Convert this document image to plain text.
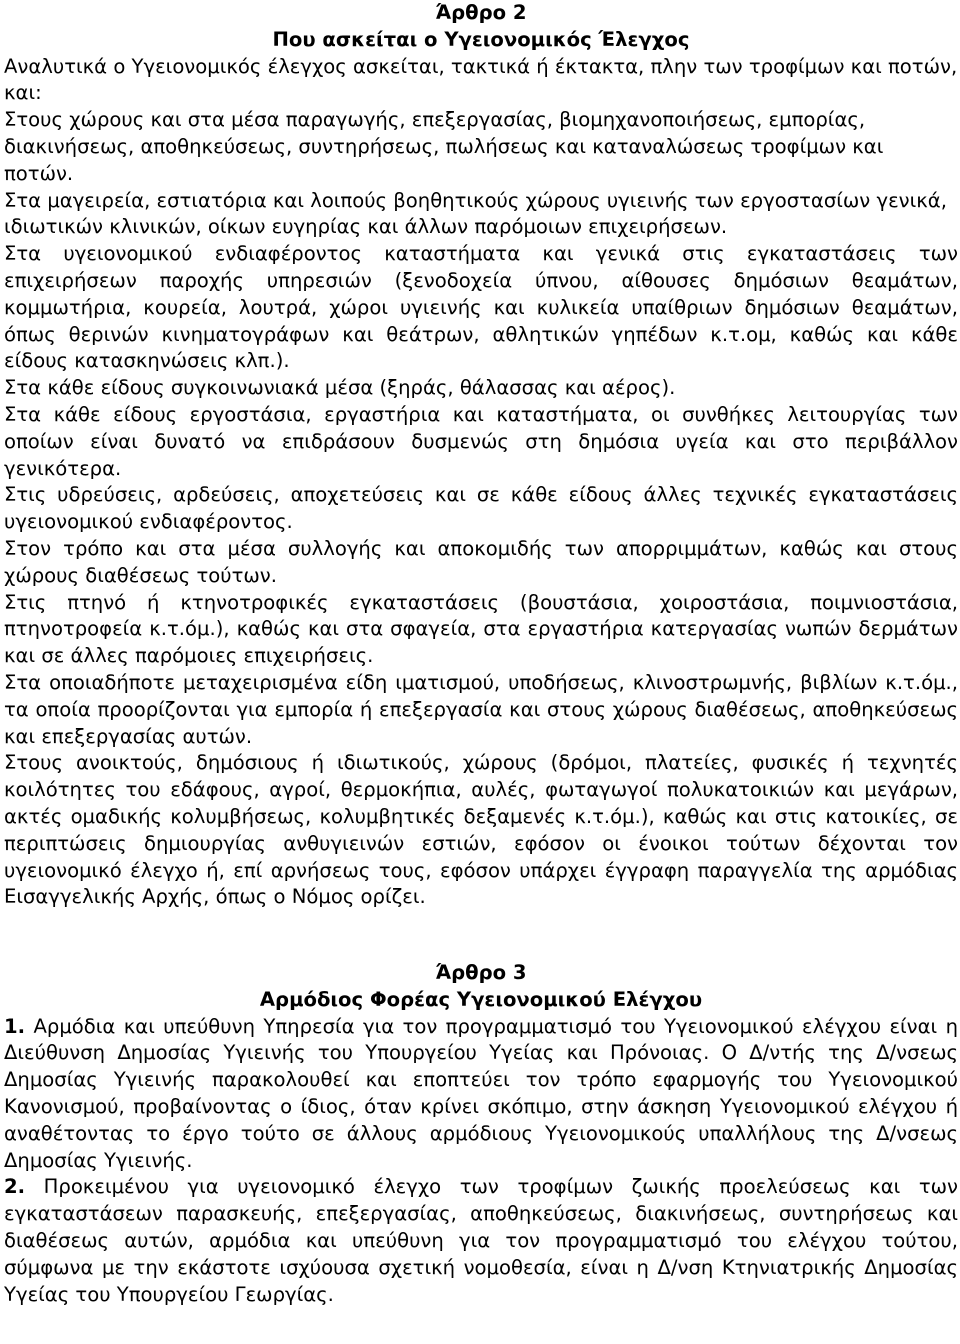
Άρθρο 2

Που ασκείται ο Υγειονομικός Έλεγχος

Αναλυτικά ο Υγειονομικός έλεγχος ασκείται, τακτικά ή έκτακτα, πλην των τροφίμων και ποτών, και:

Στους χώρους και στα μέσα παραγωγής, επεξεργασίας, βιομηχανοποιήσεως, εμπορίας, διακινήσεως, αποθηκεύσεως, συντηρήσεως, πωλήσεως και καταναλώσεως τροφίμων και ποτών.

Στα μαγειρεία, εστιατόρια και λοιπούς βοηθητικούς χώρους υγιεινής των εργοστασίων γενικά, ιδιωτικών κλινικών, οίκων ευγηρίας και άλλων παρόμοιων επιχειρήσεων.

Στα υγειονομικού ενδιαφέροντος καταστήματα και γενικά στις εγκαταστάσεις των επιχειρήσεων παροχής υπηρεσιών (ξενοδοχεία ύπνου, αίθουσες δημόσιων θεαμάτων, κομμωτήρια, κουρεία, λουτρά, χώροι υγιεινής και κυλικεία υπαίθριων δημόσιων θεαμάτων, όπως θερινών κινηματογράφων και θεάτρων, αθλητικών γηπέδων κ.τ.ομ, καθώς και κάθε είδους κατασκηνώσεις κλπ.).

Στα κάθε είδους συγκοινωνιακά μέσα (ξηράς, θάλασσας και αέρος).

Στα κάθε είδους εργοστάσια, εργαστήρια και καταστήματα, οι συνθήκες λειτουργίας των οποίων είναι δυνατό να επιδράσουν δυσμενώς στη δημόσια υγεία και στο περιβάλλον γενικότερα.

Στις υδρεύσεις, αρδεύσεις, αποχετεύσεις και σε κάθε είδους άλλες τεχνικές εγκαταστάσεις υγειονομικού ενδιαφέροντος.

Στον τρόπο και στα μέσα συλλογής και αποκομιδής των απορριμμάτων, καθώς και στους χώρους διαθέσεως τούτων.

Στις πτηνό ή κτηνοτροφικές εγκαταστάσεις (βουστάσια, χοιροστάσια, ποιμνιοστάσια, πτηνοτροφεία κ.τ.όμ.), καθώς και στα σφαγεία, στα εργαστήρια κατεργασίας νωπών δερμάτων και σε άλλες παρόμοιες επιχειρήσεις.

Στα οποιαδήποτε μεταχειρισμένα είδη ιματισμού, υποδήσεως, κλινοστρωμνής, βιβλίων κ.τ.όμ., τα οποία προορίζονται για εμπορία ή επεξεργασία και στους χώρους διαθέσεως, αποθηκεύσεως και επεξεργασίας αυτών.

Στους ανοικτούς, δημόσιους ή ιδιωτικούς, χώρους (δρόμοι, πλατείες, φυσικές ή τεχνητές κοιλότητες του εδάφους, αγροί, θερμοκήπια, αυλές, φωταγωγοί πολυκατοικιών και μεγάρων, ακτές ομαδικής κολυμβήσεως, κολυμβητικές δεξαμενές κ.τ.όμ.), καθώς και στις κατοικίες, σε περιπτώσεις δημιουργίας ανθυγιεινών εστιών, εφόσον οι ένοικοι τούτων δέχονται τον υγειονομικό έλεγχο ή, επί αρνήσεως τους, εφόσον υπάρχει έγγραφη παραγγελία της αρμόδιας Εισαγγελικής Αρχής, όπως ο Νόμος ορίζει.

Άρθρο 3

Αρμόδιος Φορέας Υγειονομικού Ελέγχου

1. Αρμόδια και υπεύθυνη Υπηρεσία για τον προγραμματισμό του Υγειονομικού ελέγχου είναι η Διεύθυνση Δημοσίας Υγιεινής του Υπουργείου Υγείας και Πρόνοιας. Ο Δ/ντής της Δ/νσεως Δημοσίας Υγιεινής παρακολουθεί και εποπτεύει τον τρόπο εφαρμογής του Υγειονομικού Κανονισμού, προβαίνοντας ο ίδιος, όταν κρίνει σκόπιμο, στην άσκηση Υγειονομικού ελέγχου ή αναθέτοντας το έργο τούτο σε άλλους αρμόδιους Υγειονομικούς υπαλλήλους της Δ/νσεως Δημοσίας Υγιεινής.

2. Προκειμένου για υγειονομικό έλεγχο των τροφίμων ζωικής προελεύσεως και των εγκαταστάσεων παρασκευής, επεξεργασίας, αποθηκεύσεως, διακινήσεως, συντηρήσεως και διαθέσεως αυτών, αρμόδια και υπεύθυνη για τον προγραμματισμό του ελέγχου τούτου, σύμφωνα με την εκάστοτε ισχύουσα σχετική νομοθεσία, είναι η Δ/νση Κτηνιατρικής Δημοσίας Υγείας του Υπουργείου Γεωργίας.
